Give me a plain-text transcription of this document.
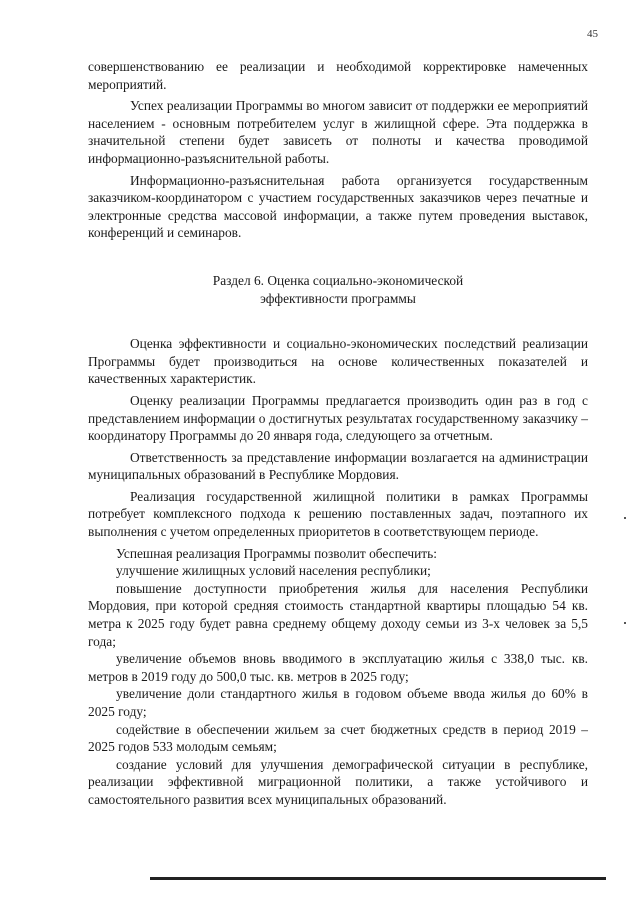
45

совершенствованию ее реализации и необходимой корректировке намеченных мероприятий.

Успех реализации Программы во многом зависит от поддержки ее мероприятий населением - основным потребителем услуг в жилищной сфере. Эта поддержка в значительной степени будет зависеть от полноты и качества проводимой информационно-разъяснительной работы.

Информационно-разъяснительная работа организуется государственным заказчиком-координатором с участием государственных заказчиков через печатные и электронные средства массовой информации, а также путем проведения выставок, конференций и семинаров.

Раздел 6. Оценка социально-экономической
эффективности программы

Оценка эффективности и социально-экономических последствий реализации Программы будет производиться на основе количественных показателей и качественных характеристик.

Оценку реализации Программы предлагается производить один раз в год с представлением информации о достигнутых результатах государственному заказчику – координатору Программы до 20 января года, следующего за отчетным.

Ответственность за представление информации возлагается на администрации муниципальных образований в Республике Мордовия.

Реализация государственной жилищной политики в рамках Программы потребует комплексного подхода к решению поставленных задач, поэтапного их выполнения с учетом определенных приоритетов в соответствующем периоде.

Успешная реализация Программы позволит обеспечить:

улучшение жилищных условий населения республики;

повышение доступности приобретения жилья для населения Республики Мордовия, при которой средняя стоимость стандартной квартиры площадью 54 кв. метра к 2025 году будет равна среднему общему доходу семьи из 3-х человек за 5,5 года;

увеличение объемов вновь вводимого в эксплуатацию жилья с 338,0 тыс. кв. метров в 2019 году до 500,0 тыс. кв. метров в 2025 году;

увеличение доли стандартного жилья в годовом объеме ввода жилья до 60% в 2025 году;

содействие в обеспечении жильем за счет бюджетных средств в период 2019 – 2025 годов 533 молодым семьям;

создание условий для улучшения демографической ситуации в республике, реализации эффективной миграционной политики, а также устойчивого и самостоятельного развития всех муниципальных образований.
